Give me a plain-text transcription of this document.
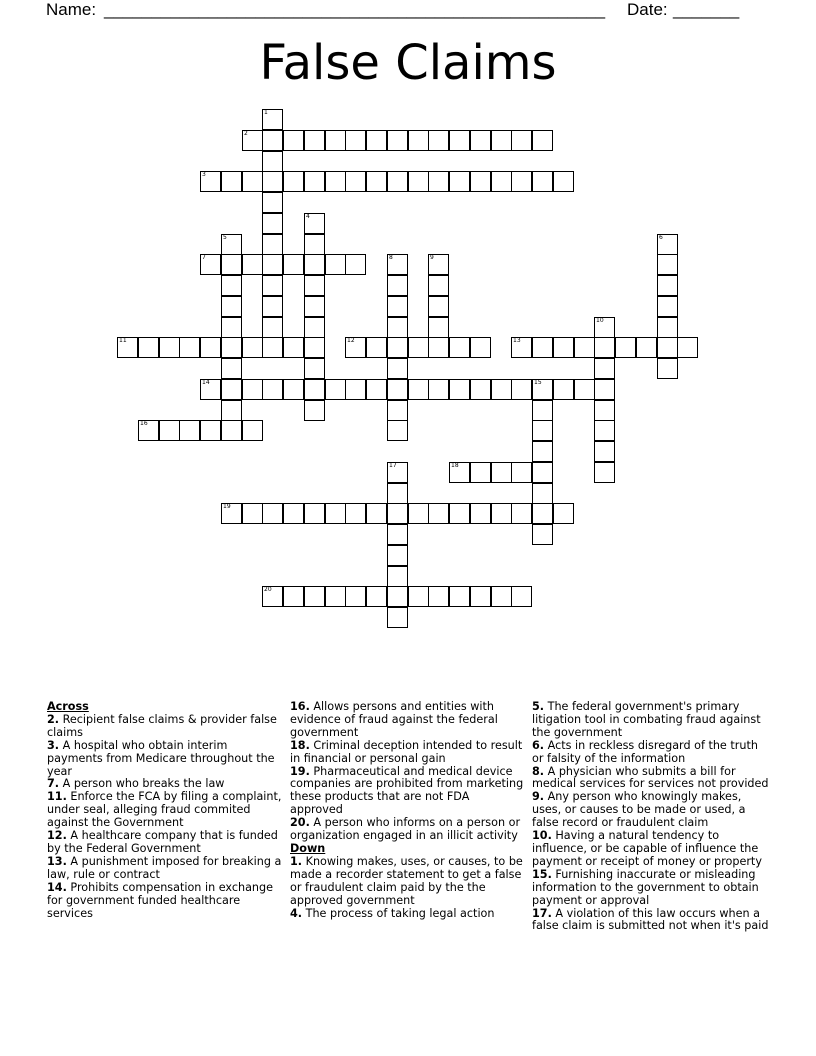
Name: _____________________________________________________ Date: _______
False Claims
1
2
3
4
5	6
7	8	9
10
11	12	13
14	15
16
17	18
19
20
Across
2. Recipient false claims & provider false claims
3. A hospital who obtain interim payments from Medicare throughout the year
7. A person who breaks the law
11. Enforce the FCA by filing a complaint, under seal, alleging fraud commited against the Government
12. A healthcare company that is funded by the Federal Government
13. A punishment imposed for breaking a law, rule or contract
14. Prohibits compensation in exchange for government funded healthcare services
16. Allows persons and entities with evidence of fraud against the federal government
18. Criminal deception intended to result in financial or personal gain
19. Pharmaceutical and medical device companies are prohibited from marketing these products that are not FDA approved
20. A person who informs on a person or organization engaged in an illicit activity
Down
1. Knowing makes, uses, or causes, to be made a recorder statement to get a false or fraudulent claim paid by the the approved government
4. The process of taking legal action
5. The federal government's primary litigation tool in combating fraud against the government
6. Acts in reckless disregard of the truth or falsity of the information
8. A physician who submits a bill for medical services for services not provided
9. Any person who knowingly makes, uses, or causes to be made or used, a false record or fraudulent claim
10. Having a natural tendency to influence, or be capable of influence the payment or receipt of money or property
15. Furnishing inaccurate or misleading information to the government to obtain payment or approval
17. A violation of this law occurs when a false claim is submitted not when it's paid
